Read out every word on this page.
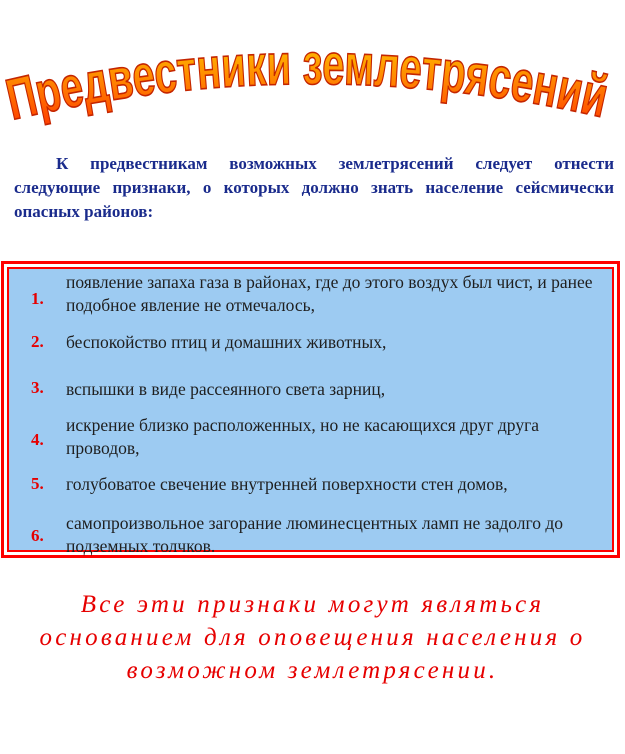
Предвестники землетрясений

К предвестникам возможных землетрясений следует отнести следующие признаки, о которых должно знать население сейсмически опасных районов:

1.
появление запаха газа в районах, где до этого воздух был чист, и ранее подобное явление не отмечалось,
2.	беспокойство птиц и домашних животных,
3.	вспышки в виде рассеянного света зарниц,
4.
искрение близко расположенных, но не касающихся друг друга проводов,
5.	голубоватое свечение внутренней поверхности стен домов,
6.
самопроизвольное загорание люминесцентных ламп не задолго до подземных толчков.

Все эти признаки могут являться основанием для оповещения населения о возможном землетрясении.
